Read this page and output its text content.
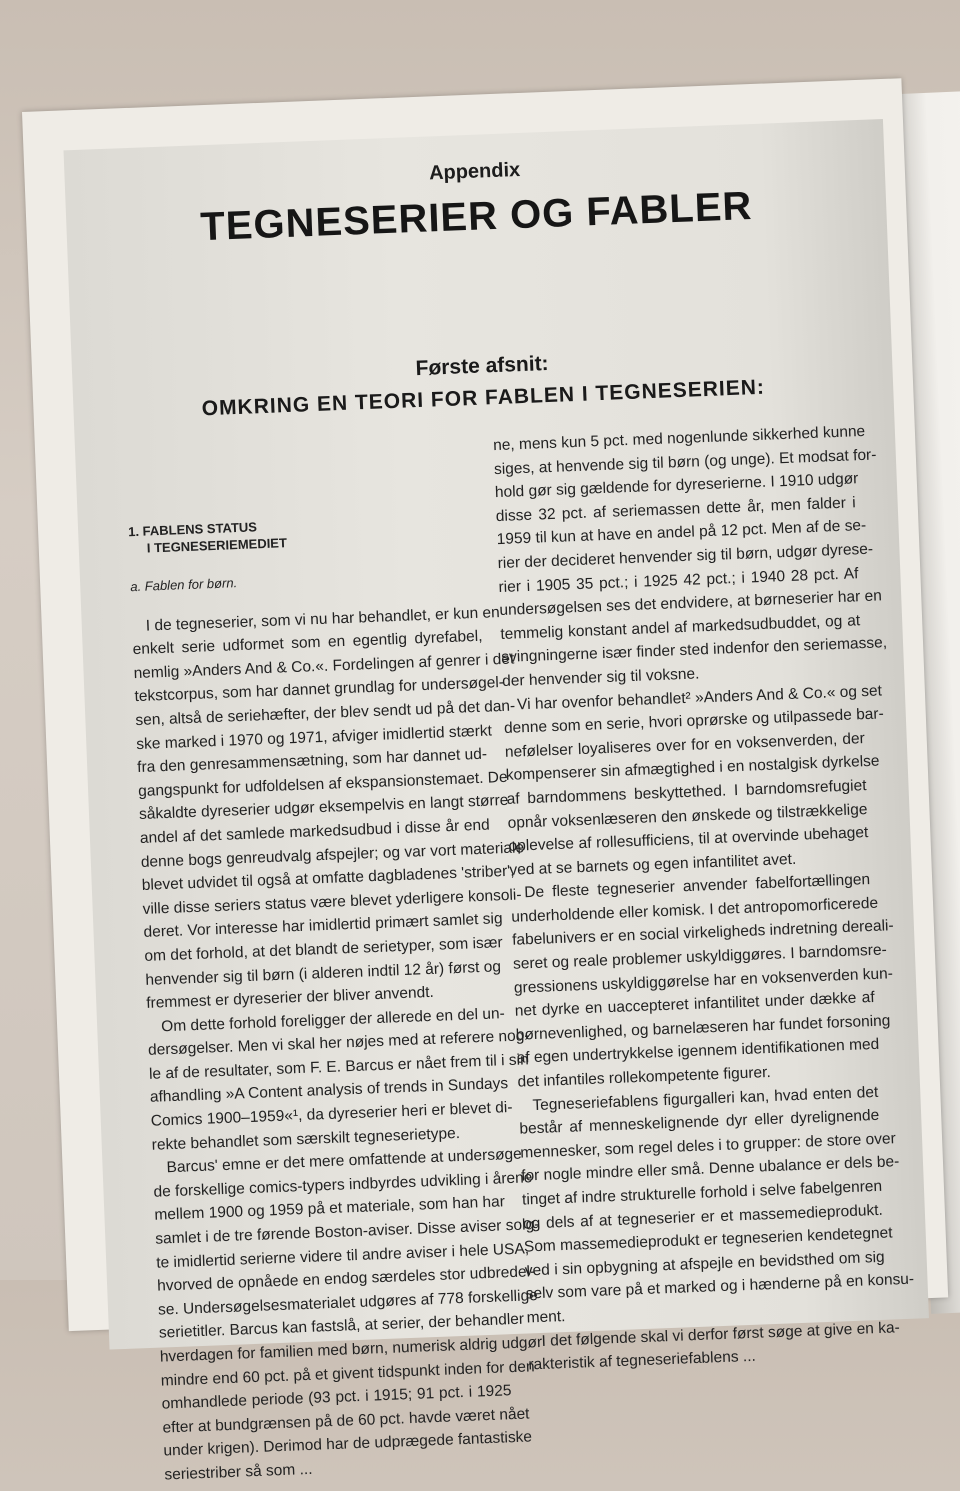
Appendix
TEGNESERIER OG FABLER
Første afsnit:
OMKRING EN TEORI FOR FABLEN I TEGNESERIEN:
1. FABLENS STATUS
I TEGNESERIEMEDIET
a. Fablen for børn.
I de tegneserier, som vi nu har behandlet, er kun en
enkelt serie udformet som en egentlig dyrefabel,
nemlig »Anders And & Co.«. Fordelingen af genrer i det
tekstcorpus, som har dannet grundlag for undersøgel-
sen, altså de seriehæfter, der blev sendt ud på det dan-
ske marked i 1970 og 1971, afviger imidlertid stærkt
fra den genresammensætning, som har dannet ud-
gangspunkt for udfoldelsen af ekspansionstemaet. De
såkaldte dyreserier udgør eksempelvis en langt større
andel af det samlede markedsudbud i disse år end
denne bogs genreudvalg afspejler; og var vort materiale
blevet udvidet til også at omfatte dagbladenes 'striber',
ville disse seriers status være blevet yderligere konsoli-
deret. Vor interesse har imidlertid primært samlet sig
om det forhold, at det blandt de serietyper, som især
henvender sig til børn (i alderen indtil 12 år) først og
fremmest er dyreserier der bliver anvendt.
Om dette forhold foreligger der allerede en del un-
dersøgelser. Men vi skal her nøjes med at referere nog-
le af de resultater, som F. E. Barcus er nået frem til i sin
afhandling »A Content analysis of trends in Sundays
Comics 1900–1959«¹, da dyreserier heri er blevet di-
rekte behandlet som særskilt tegneserietype.
Barcus' emne er det mere omfattende at undersøge
de forskellige comics-typers indbyrdes udvikling i årene
mellem 1900 og 1959 på et materiale, som han har
samlet i de tre førende Boston-aviser. Disse aviser solg-
te imidlertid serierne videre til andre aviser i hele USA,
hvorved de opnåede en endog særdeles stor udbredel-
se. Undersøgelsesmaterialet udgøres af 778 forskellige
serietitler. Barcus kan fastslå, at serier, der behandler
hverdagen for familien med børn, numerisk aldrig udgør
mindre end 60 pct. på et givent tidspunkt inden for den
omhandlede periode (93 pct. i 1915; 91 pct. i 1925
efter at bundgrænsen på de 60 pct. havde været nået
under krigen). Derimod har de udprægede fantastiske
seriestriber så som ...
ne, mens kun 5 pct. med nogenlunde sikkerhed kunne
siges, at henvende sig til børn (og unge). Et modsat for-
hold gør sig gældende for dyreserierne. I 1910 udgør
disse 32 pct. af seriemassen dette år, men falder i
1959 til kun at have en andel på 12 pct. Men af de se-
rier der decideret henvender sig til børn, udgør dyrese-
rier i 1905 35 pct.; i 1925 42 pct.; i 1940 28 pct. Af
undersøgelsen ses det endvidere, at børneserier har en
temmelig konstant andel af markedsudbuddet, og at
svingningerne især finder sted indenfor den seriemasse,
der henvender sig til voksne.
Vi har ovenfor behandlet² »Anders And & Co.« og set
denne som en serie, hvori oprørske og utilpassede bar-
nefølelser loyaliseres over for en voksenverden, der
kompenserer sin afmægtighed i en nostalgisk dyrkelse
af barndommens beskyttethed. I barndomsrefugiet
opnår voksenlæseren den ønskede og tilstrækkelige
oplevelse af rollesufficiens, til at overvinde ubehaget
ved at se barnets og egen infantilitet avet.
De fleste tegneserier anvender fabelfortællingen
underholdende eller komisk. I det antropomorficerede
fabelunivers er en social virkeligheds indretning dereali-
seret og reale problemer uskyldiggøres. I barndomsre-
gressionens uskyldiggørelse har en voksenverden kun-
net dyrke en uaccepteret infantilitet under dække af
børnevenlighed, og barnelæseren har fundet forsoning
af egen undertrykkelse igennem identifikationen med
det infantiles rollekompetente figurer.
Tegneseriefablens figurgalleri kan, hvad enten det
består af menneskelignende dyr eller dyrelignende
mennesker, som regel deles i to grupper: de store over
for nogle mindre eller små. Denne ubalance er dels be-
tinget af indre strukturelle forhold i selve fabelgenren
og dels af at tegneserier er et massemedieprodukt.
Som massemedieprodukt er tegneserien kendetegnet
ved i sin opbygning at afspejle en bevidsthed om sig
selv som vare på et marked og i hænderne på en konsu-
ment.
I det følgende skal vi derfor først søge at give en ka-
rakteristik af tegneseriefablens ...
